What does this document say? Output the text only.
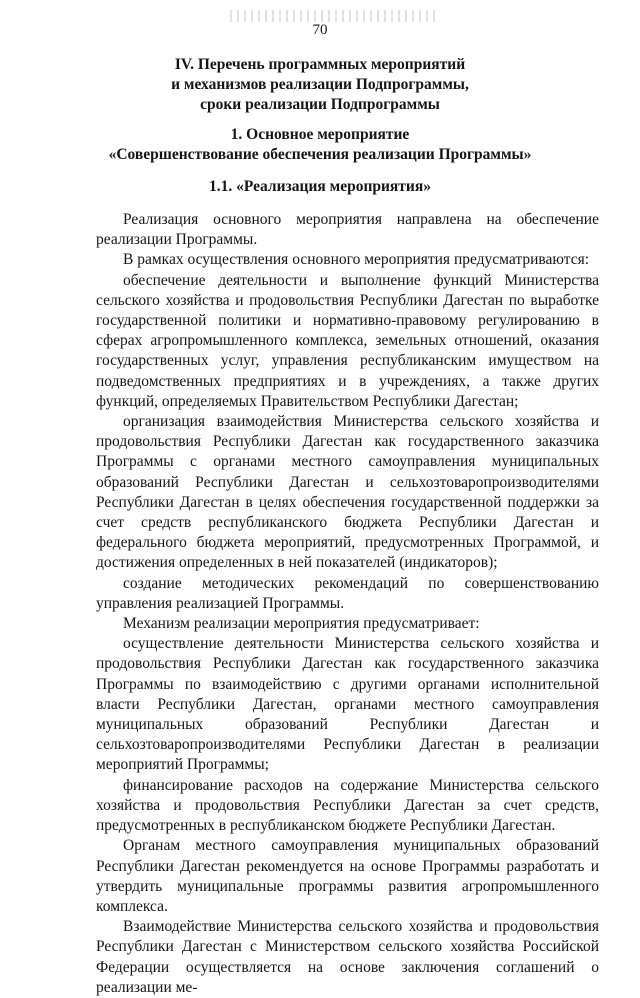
70
IV. Перечень программных мероприятий
и механизмов реализации Подпрограммы,
сроки реализации Подпрограммы
1. Основное мероприятие
«Совершенствование обеспечения реализации Программы»
1.1. «Реализация мероприятия»

Реализация основного мероприятия направлена на обеспечение реализации Программы.

В рамках осуществления основного мероприятия предусматриваются:

обеспечение деятельности и выполнение функций Министерства сельского хозяйства и продовольствия Республики Дагестан по выработке государственной политики и нормативно-правовому регулированию в сферах агропромышленного комплекса, земельных отношений, оказания государственных услуг, управления республиканским имуществом на подведомственных предприятиях и в учреждениях, а также других функций, определяемых Правительством Республики Дагестан;

организация взаимодействия Министерства сельского хозяйства и продовольствия Республики Дагестан как государственного заказчика Программы с органами местного самоуправления муниципальных образований Республики Дагестан и сельхозтоваропроизводителями Республики Дагестан в целях обеспечения государственной поддержки за счет средств республиканского бюджета Республики Дагестан и федерального бюджета мероприятий, предусмотренных Программой, и достижения определенных в ней показателей (индикаторов);

создание методических рекомендаций по совершенствованию управления реализацией Программы.

Механизм реализации мероприятия предусматривает:

осуществление деятельности Министерства сельского хозяйства и продовольствия Республики Дагестан как государственного заказчика Программы по взаимодействию с другими органами исполнительной власти Республики Дагестан, органами местного самоуправления муниципальных образований Республики Дагестан и сельхозтоваропроизводителями Республики Дагестан в реализации мероприятий Программы;

финансирование расходов на содержание Министерства сельского хозяйства и продовольствия Республики Дагестан за счет средств, предусмотренных в республиканском бюджете Республики Дагестан.

Органам местного самоуправления муниципальных образований Республики Дагестан рекомендуется на основе Программы разработать и утвердить муниципальные программы развития агропромышленного комплекса.

Взаимодействие Министерства сельского хозяйства и продовольствия Республики Дагестан с Министерством сельского хозяйства Российской Федерации осуществляется на основе заключения соглашений о реализации ме-
